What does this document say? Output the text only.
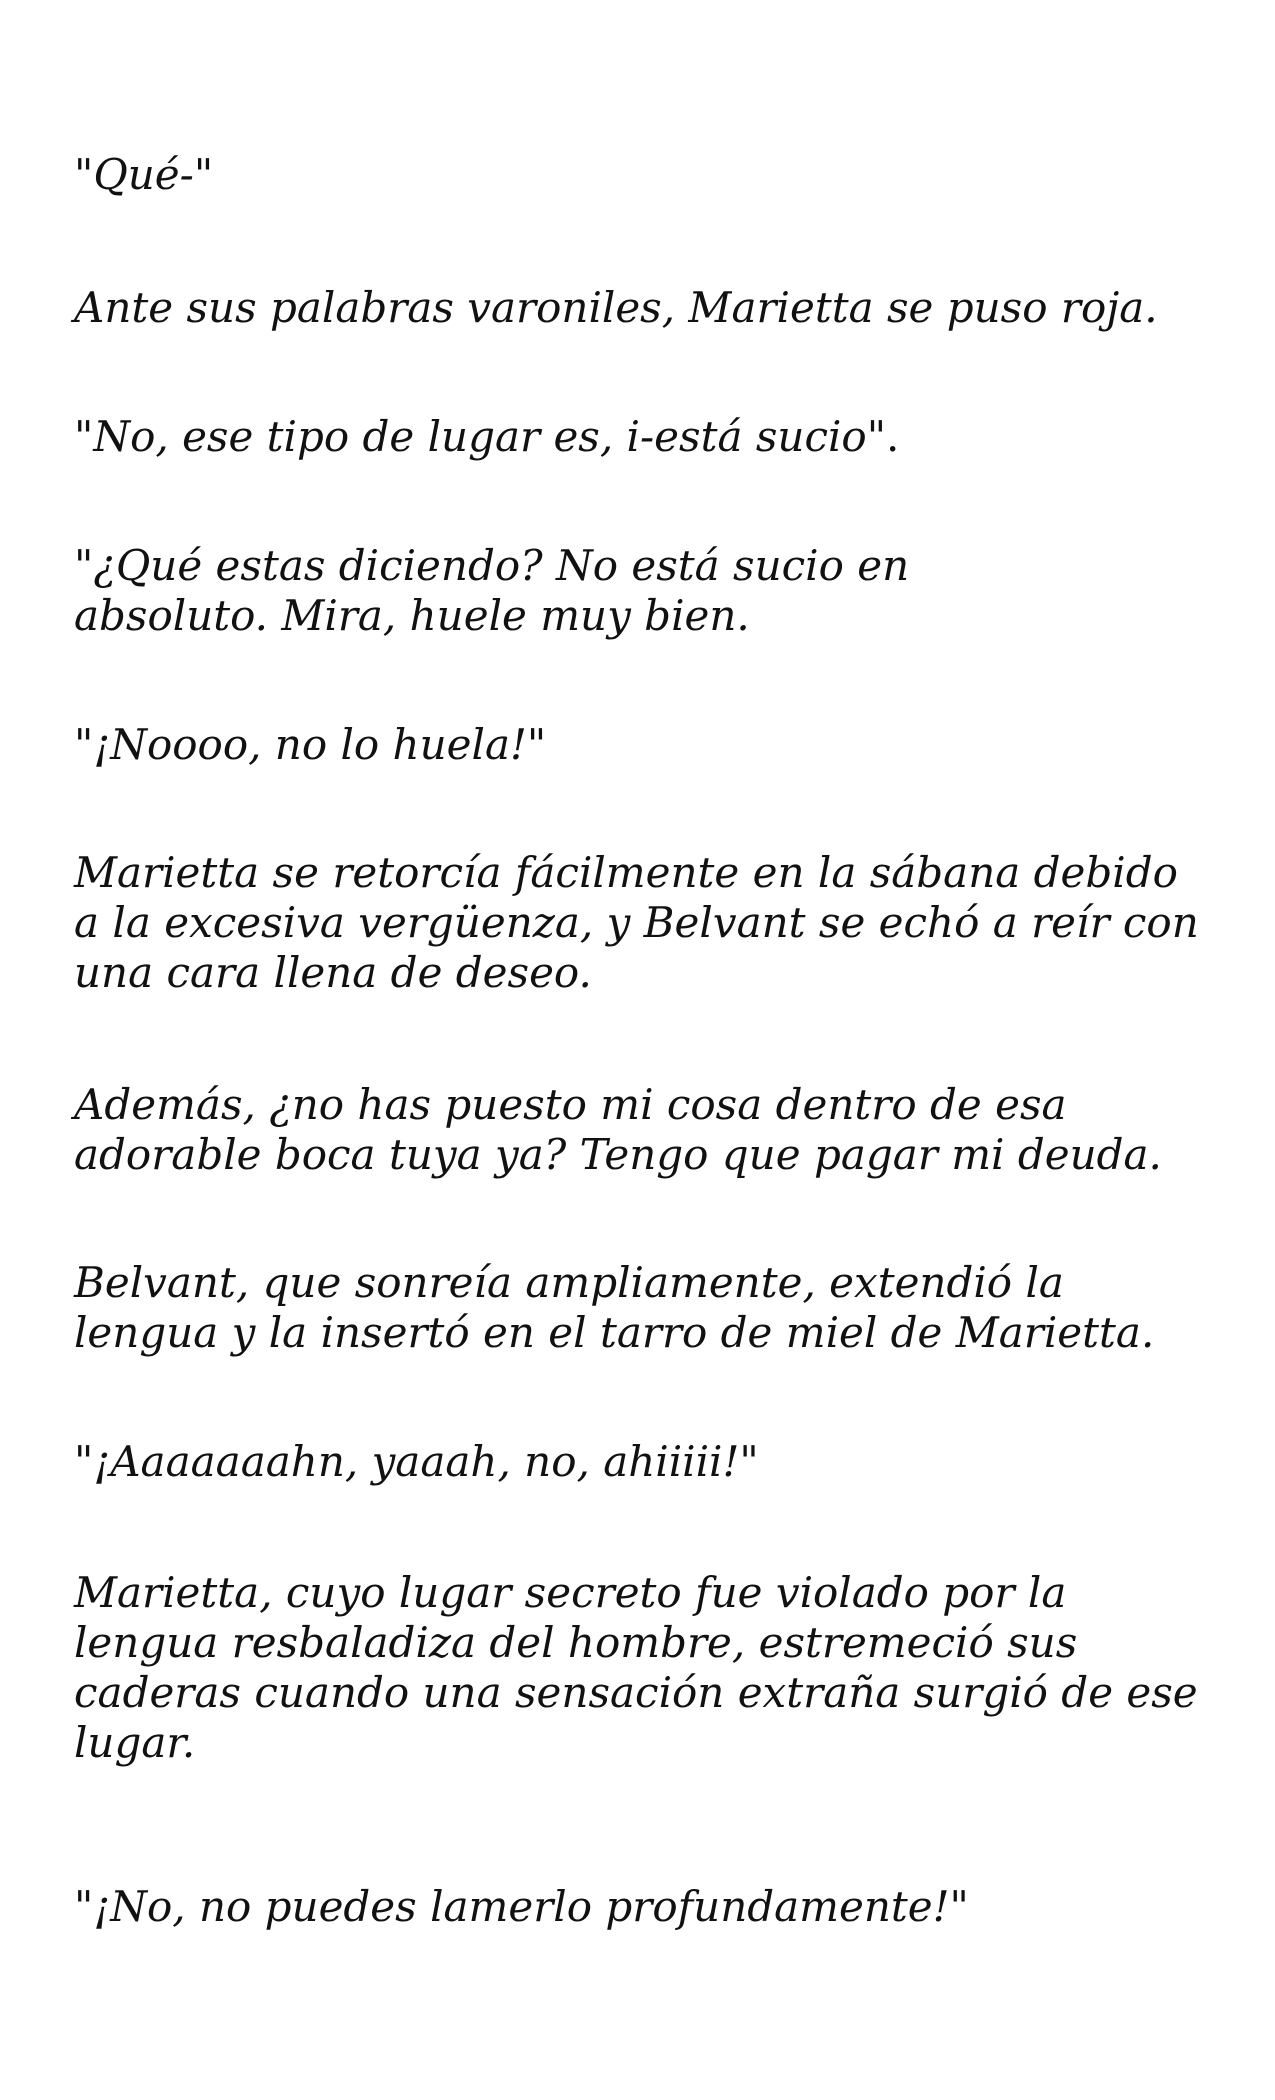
"Qué-"

Ante sus palabras varoniles, Marietta se puso roja.

"No, ese tipo de lugar es, i-está sucio".

"¿Qué estas diciendo? No está sucio en
absoluto. Mira, huele muy bien.

"¡Noooo, no lo huela!"

Marietta se retorcía fácilmente en la sábana debido
a la excesiva vergüenza, y Belvant se echó a reír con
una cara llena de deseo.

Además, ¿no has puesto mi cosa dentro de esa
adorable boca tuya ya? Tengo que pagar mi deuda.

Belvant, que sonreía ampliamente, extendió la
lengua y la insertó en el tarro de miel de Marietta.

"¡Aaaaaaahn, yaaah, no, ahiiiii!"

Marietta, cuyo lugar secreto fue violado por la
lengua resbaladiza del hombre, estremeció sus
caderas cuando una sensación extraña surgió de ese
lugar.

"¡No, no puedes lamerlo profundamente!"
